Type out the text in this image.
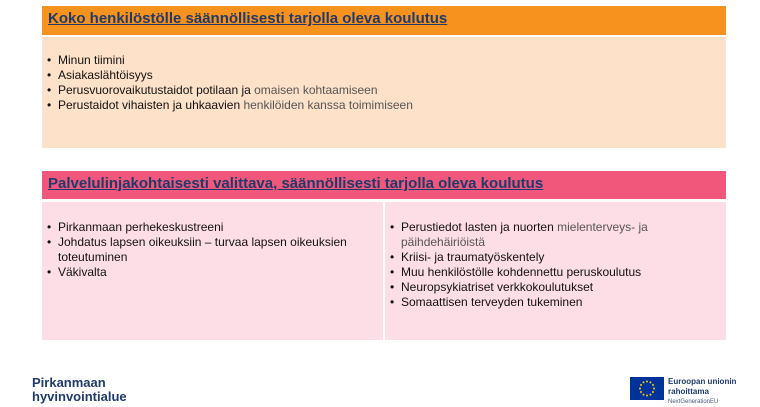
Koko henkilöstölle säännöllisesti tarjolla oleva koulutus
• Minun tiimini
• Asiakaslähtöisyys
• Perusvuorovaikutustaidot potilaan ja omaisen kohtaamiseen
• Perustaidot vihaisten ja uhkaavien henkilöiden kanssa toimimiseen
Palvelulinjakohtaisesti valittava, säännöllisesti tarjolla oleva koulutus
• Pirkanmaan perhekeskustreeni
• Johdatus lapsen oikeuksiin – turvaa lapsen oikeuksien toteutuminen
• Väkivalta
• Perustiedot lasten ja nuorten mielenterveys- ja päihdehäiriöistä
• Kriisi- ja traumatyöskentely
• Muu henkilöstölle kohdennettu peruskoulutus
• Neuropsykiatriset verkkokoulutukset
• Somaattisen terveyden tukeminen
Pirkanmaan
hyvinvointialue
Euroopan unionin
rahoittama
NextGenerationEU
